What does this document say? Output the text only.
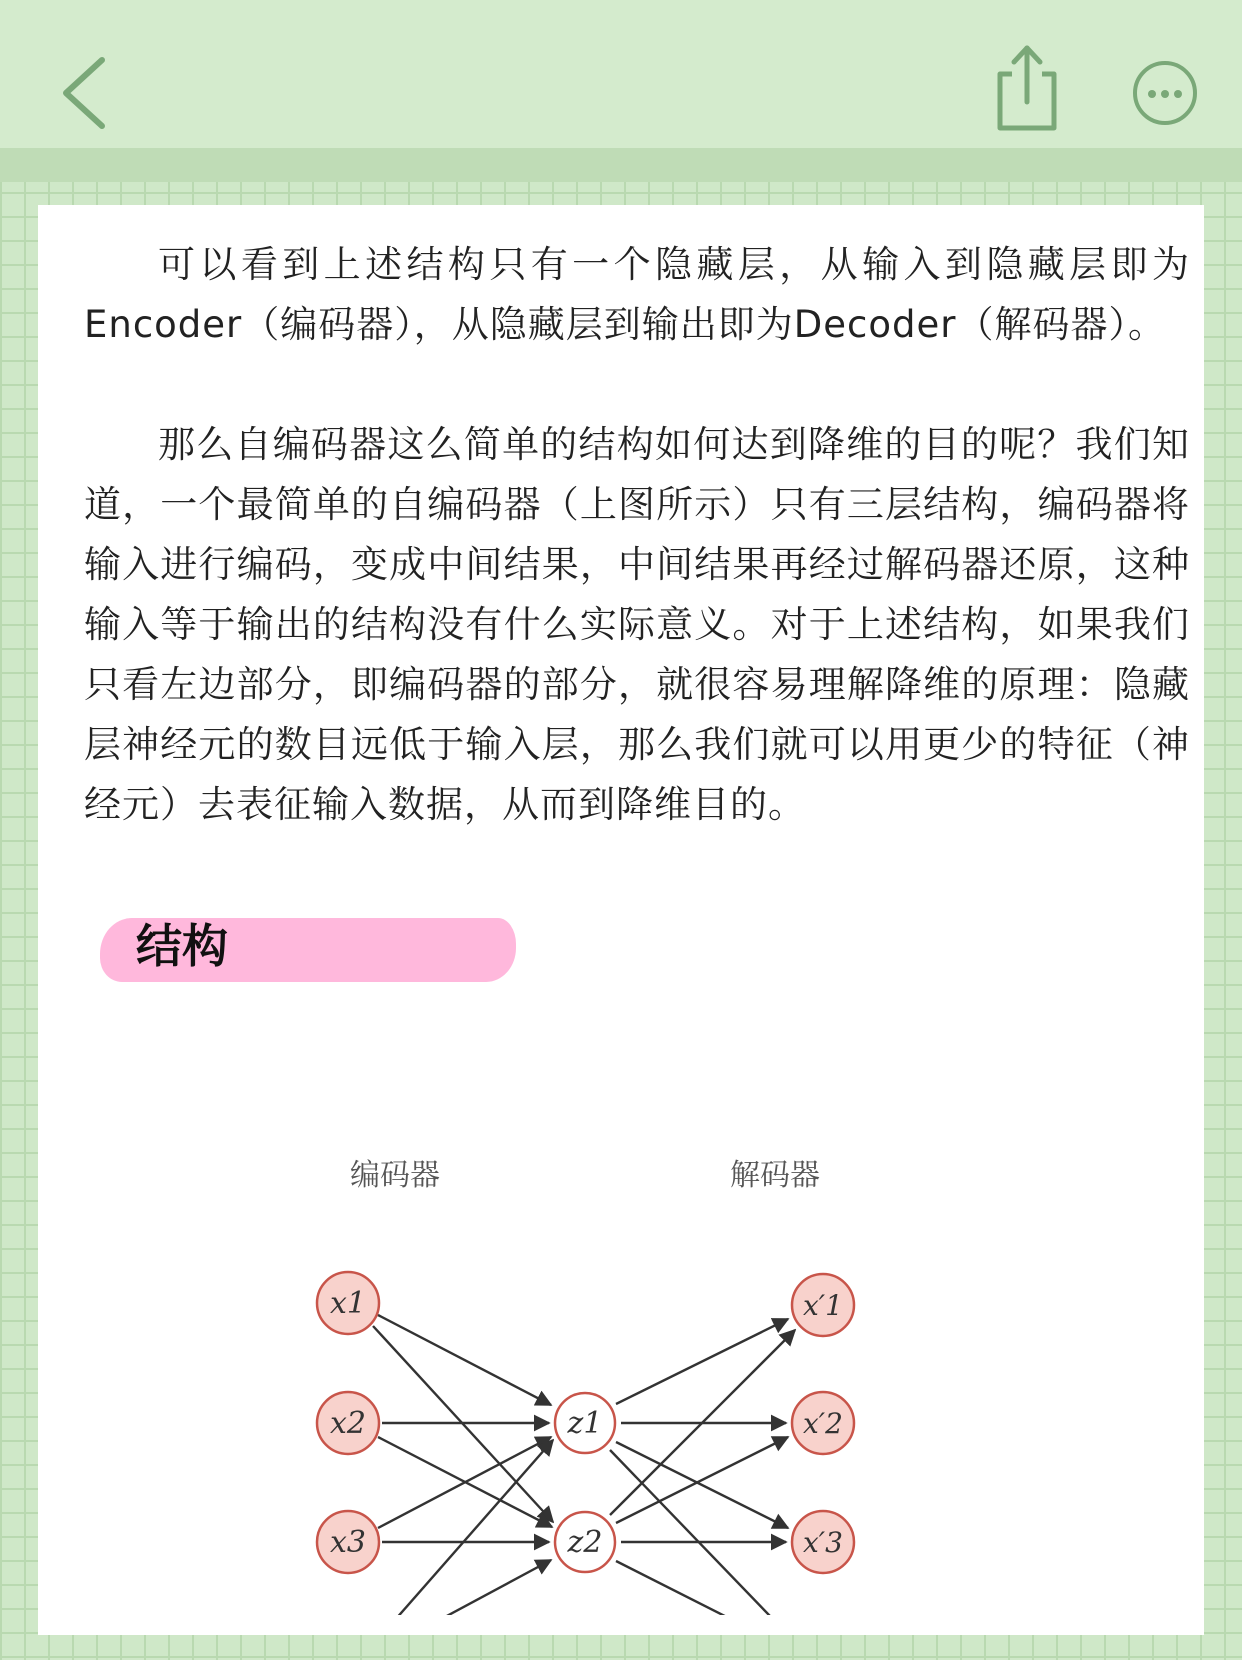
可以看到上述结构只有一个隐藏层，从输入到隐藏层即为Encoder（编码器），从隐藏层到输出即为Decoder（解码器）。

那么自编码器这么简单的结构如何达到降维的目的呢？我们知道，一个最简单的自编码器（上图所示）只有三层结构，编码器将输入进行编码，变成中间结果，中间结果再经过解码器还原，这种输入等于输出的结构没有什么实际意义。对于上述结构，如果我们只看左边部分，即编码器的部分，就很容易理解降维的原理：隐藏层神经元的数目远低于输入层，那么我们就可以用更少的特征（神经元）去表征输入数据，从而到降维目的。

结构
编码器	解码器
x1
x2
x3
z1
z2
x′1
x′2
x′3
